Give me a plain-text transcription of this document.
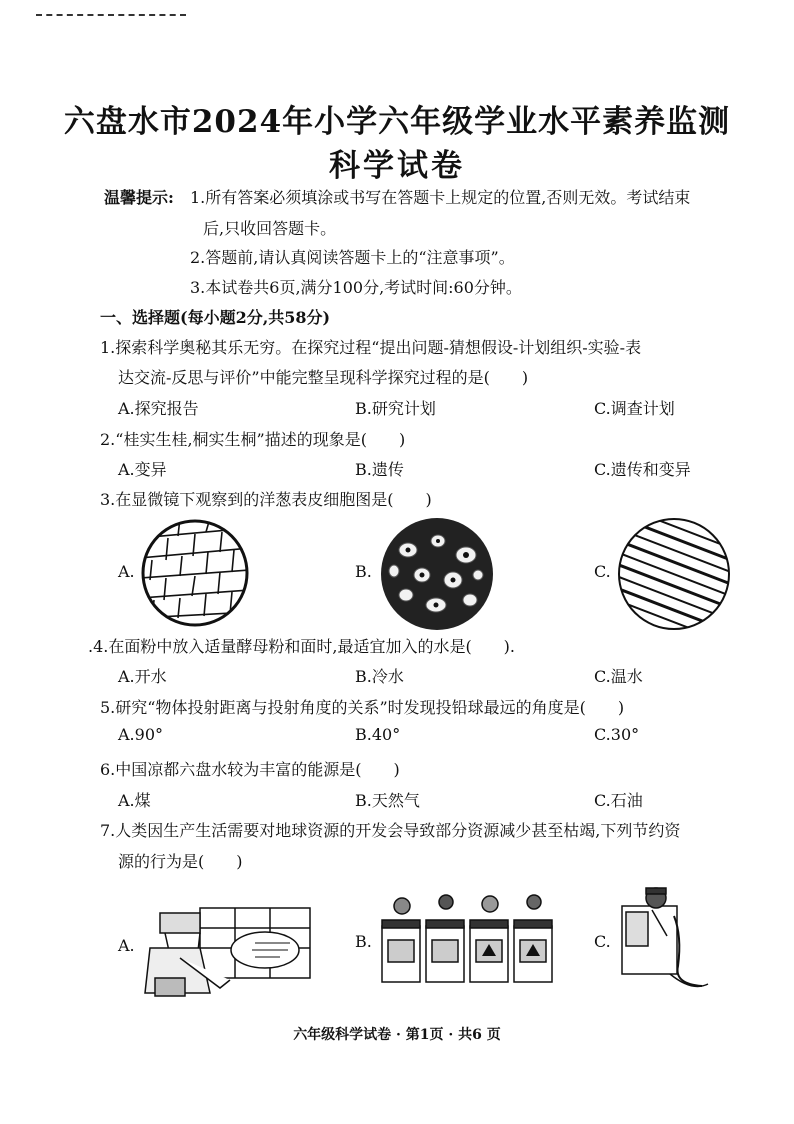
六盘水市2024年小学六年级学业水平素养监测
科学试卷
温馨提示: 1.所有答案必须填涂或书写在答题卡上规定的位置,否则无效。考试结束
后,只收回答题卡。
2.答题前,请认真阅读答题卡上的“注意事项”。
3.本试卷共6页,满分100分,考试时间:60分钟。
一、选择题(每小题2分,共58分)
1.探索科学奥秘其乐无穷。在探究过程“提出问题-猜想假设-计划组织-实验-表
达交流-反思与评价”中能完整呈现科学探究过程的是(　　)
A.探究报告	B.研究计划	C.调查计划
2.“桂实生桂,桐实生桐”描述的现象是(　　)
A.变异	B.遗传	C.遗传和变异
3.在显微镜下观察到的洋葱表皮细胞图是(　　)
A.	B.	C.
.4.在面粉中放入适量酵母粉和面时,最适宜加入的水是(　　).
A.开水	B.冷水	C.温水
5.研究“物体投射距离与投射角度的关系”时发现投铅球最远的角度是(　　)
A.90°	B.40°	C.30°
6.中国凉都六盘水较为丰富的能源是(　　)
A.煤	B.天然气	C.石油
7.人类因生产生活需要对地球资源的开发会导致部分资源减少甚至枯竭,下列节约资
源的行为是(　　)
A.	B.	C.
六年级科学试卷 · 第1页 · 共6 页
